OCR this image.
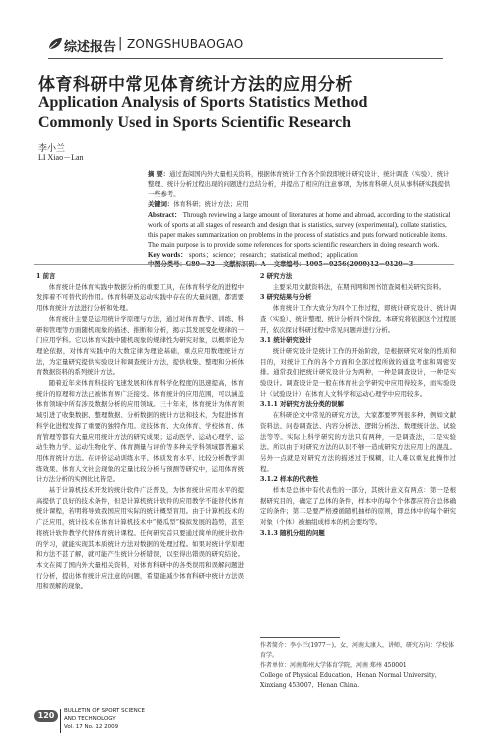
综述报告 | ZONGSHUBAOGAO
体育科研中常见体育统计方法的应用分析
Application Analysis of Sports Statistics Method
Commonly Used in Sports Scientific Research
李小兰
LI Xiao－Lan

摘 要：通过查阅国内外大量相关资料，根据体育统计工作各个阶段即统计研究设计、统计调查（实验）、统计整理、统计分析过程出现的问题进行总结分析，并提出了相应的注意事项，为体育科研人员从事科研实践提供一些参考。

关键词：体育科研；统计方法；应用

Abstract： Through reviewing a large amount of literatures at home and abroad, according to the statistical work of sports at all stages of research and design that is statistics, survey (experimental), collate statistics, this paper makes summarization on problems in the process of statistics and puts forward noticeable items. The main purpose is to provide some references for sports scientific researchers in doing research work.

Key words： sports；science；research；statistical method；application

1 前言

体育统计是体育实践中数据分析的重要工具，在体育科学化的进程中发挥着不可替代的作用。体育科研及运动实践中存在的大量问题，都需要用体育统计方法进行分析和处理。

体育统计主要是运用统计学原理与方法，通过对体育教学、训练、科研和管理等方面随机现象的描述、推断和分析，揭示其发展变化规律的一门应用学科。它以体育实践中随机现象的规律性为研究对象，以概率论为理论依据，对体育实践中的大数定律为理论基础，重点应用数理统计方法，为定量研究提供实验设计和调查统计方法，提供收集、整理和分析体育数据资料的系列统计方法。

随着近年来体育科技的飞速发展和体育科学化程度的迅速提高，体育统计的原理和方法已被体育界广泛接受。体育统计的应用范围，可以涵盖体育领域中所有涉及数据分析的应用领域。三十年来，体育统计为体育领域引进了收集数据、整理数据、分析数据的统计方法和技术，为促进体育科学化进程发挥了重要的独特作用。竞技体育、大众体育、学校体育、体育管理等都有大量应用统计方法的研究成果；运动医学、运动心理学、运动生物力学、运动生物化学、体育测量与评价等多种关学科领域都普遍采用体育统计方法。在评价运动训练水平、体质发育水平、比较分析教学训练效果、体育人文社会现象的定量比较分析与预测等研究中，运用体育统计方法分析的实例比比皆是。

基于计算机技术开发的统计软件广泛普及，为体育统计应用水平的提高提供了良好的技术条件，但是计算机统计软件的应用教学不能替代体育统计课程，若明将导致我国应用实际的统计概型盲用。由于计算机技术的广泛应用，统计技术在体育计算机技术中“傻瓜型”模拟发展的趋势，甚至将统计软件教学代替体育统计课程。任何研究首只要通过简单的统计软件的学习，就能实现其本质统计方法对数据的处理过程。如果对统计学原理和方法不甚了解，就可能产生统计分析错误，以至得出错误的研究结论。本文在阅了国内外大量相关资料，对体育科研中的各类误用和误解问题进行分析，提出体育统计应注意的问题，希望能减少体育科研中统计方法误用和误解的现象。

2 研究方法

主要采用文献资料法，在期刊网和图书馆查阅相关研究资料。

3 研究结果与分析

体育统计工作大致分为四个工作过程，即统计研究设计、统计调查（实验）、统计整理、统计分析四个阶段。本研究将依据这个过程展开，依次探讨科研过程中常见问题并进行分析。

3.1 统计研究设计

统计研究设计是统计工作的开始阶段，是根据研究对象的性质和目的，对统计工作的各个方面和全部过程所做的通盘考虑和周密安排。通常我们把统计研究设计分为两种，一种是调查设计，一种是实验设计。调查设计是一般在体育社会学研究中应用得较多，而实验设计（试验设计）在体育人文科学和运动心理学中应用较多。

3.1.1 对研究方法分类的误解

在科研论文中常见的研究方法，大家都要罗列很多种，例如文献资料法、问卷调查法、内容分析法、逻辑分析法、数理统计法、试验法等等。实际上科学研究的方法只有两种，一是调查法，二是实验法。所以由于对研究方法的认识不够一造成研究方法应用上的混乱。另外一点就是对研究方法的描述过于模糊，让人难以重复此操作过程。

3.1.2 样本的代表性

样本是总体中有代表性的一部分，其统计意义有两点：第一是根据研究目的，确定了总体的条件，样本中的每个个体都应符合总体确定的条件；第二是要严格遵循随机抽样的原则，即总体中的每个研究对象（个体）被抽组成样本的机会要均等。

3.1.3 随机分组的问题

作者简介：李小兰(1977－)，女，河南太康人，讲师，研究方向：学校体育学。

作者单位：河南郑州大学体育学院，河南 郑州 450001

College of Physical Education，Henan Normal University，Xinxiang 453007，Henan China.

120	BULLETIN OF SPORT SCIENCE
AND TECHNOLOGY
Vol. 17 No. 12 2009
